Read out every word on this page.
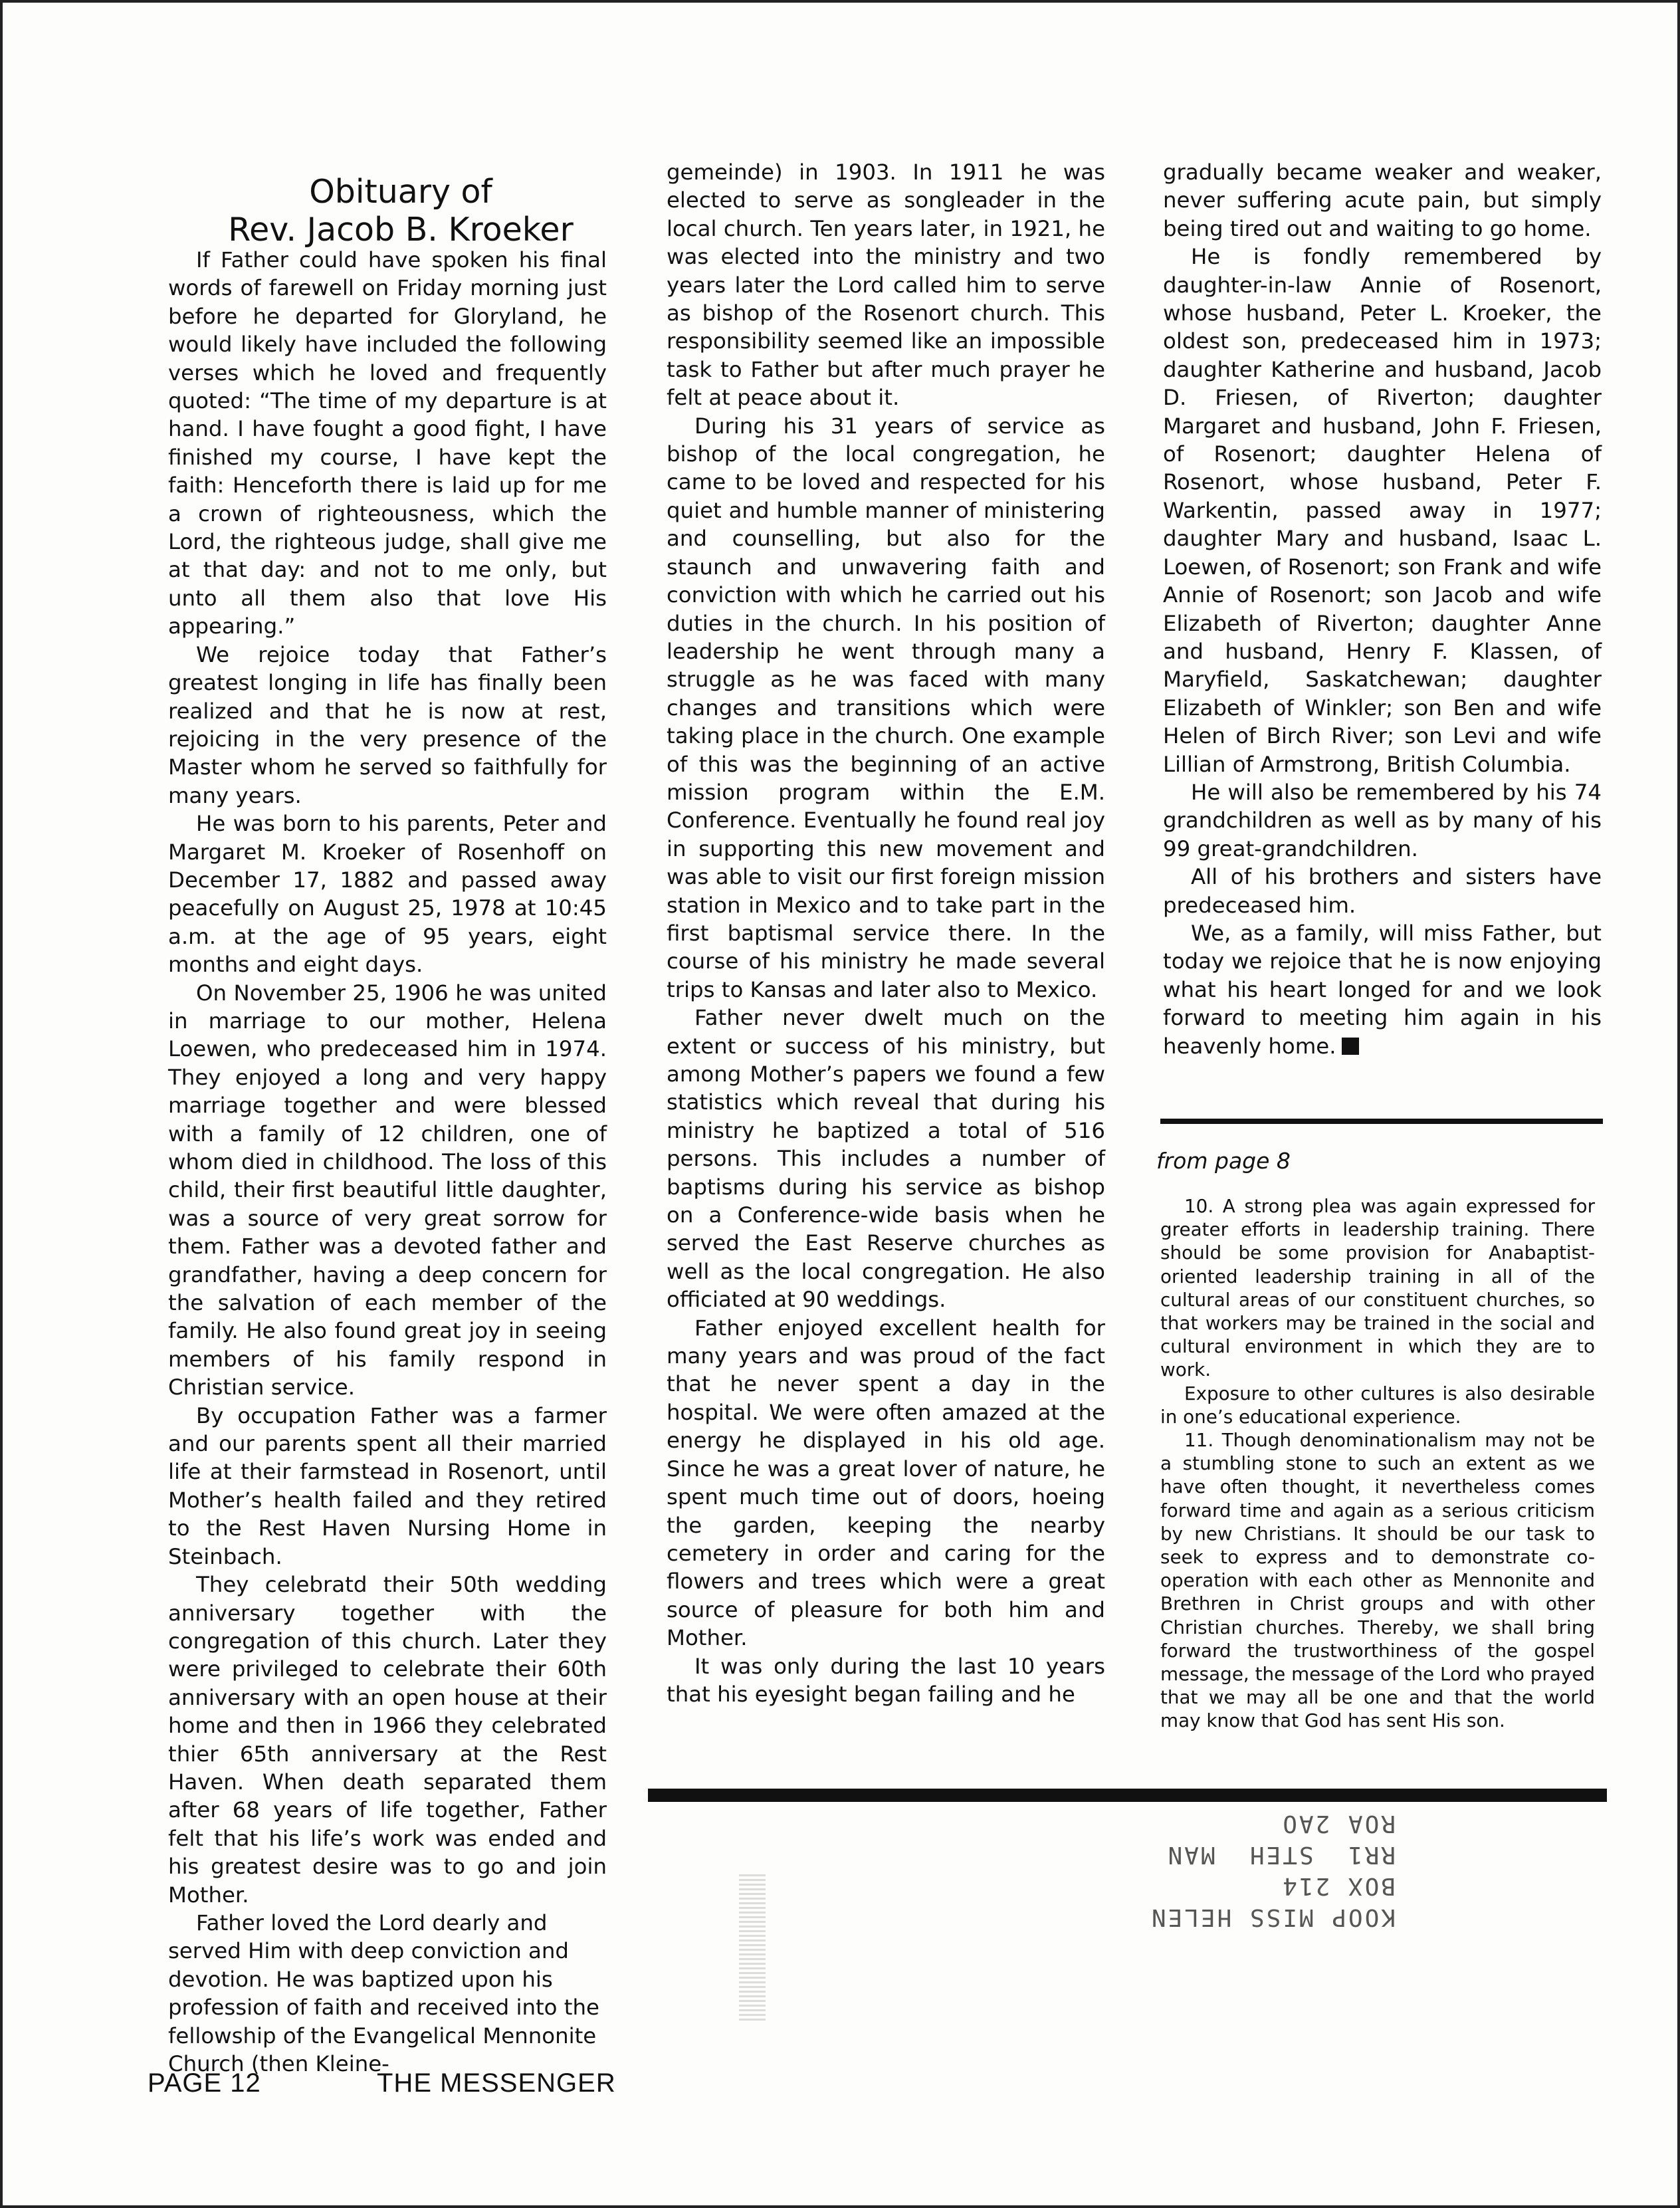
Obituary of
Rev. Jacob B. Kroeker

If Father could have spoken his final words of farewell on Friday morning just before he departed for Gloryland, he would likely have included the following verses which he loved and frequently quoted: “The time of my departure is at hand. I have fought a good fight, I have finished my course, I have kept the faith: Henceforth there is laid up for me a crown of righteousness, which the Lord, the righteous judge, shall give me at that day: and not to me only, but unto all them also that love His appearing.”

We rejoice today that Father’s greatest longing in life has finally been realized and that he is now at rest, rejoicing in the very presence of the Master whom he served so faithfully for many years.

He was born to his parents, Peter and Margaret M. Kroeker of Rosenhoff on December 17, 1882 and passed away peacefully on August 25, 1978 at 10:45 a.m. at the age of 95 years, eight months and eight days.

On November 25, 1906 he was united in marriage to our mother, Helena Loewen, who predeceased him in 1974. They enjoyed a long and very happy marriage together and were blessed with a family of 12 children, one of whom died in childhood. The loss of this child, their first beautiful little daughter, was a source of very great sorrow for them. Father was a devoted father and grandfather, having a deep concern for the salvation of each member of the family. He also found great joy in seeing members of his family respond in Christian service.

By occupation Father was a farmer and our parents spent all their married life at their farmstead in Rosenort, until Mother’s health failed and they retired to the Rest Haven Nursing Home in Steinbach.

They celebratd their 50th wedding anniversary together with the congregation of this church. Later they were privileged to celebrate their 60th anniversary with an open house at their home and then in 1966 they celebrated thier 65th anniversary at the Rest Haven. When death separated them after 68 years of life together, Father felt that his life’s work was ended and his greatest desire was to go and join Mother.

Father loved the Lord dearly and served Him with deep conviction and devotion. He was baptized upon his profession of faith and received into the fellowship of the Evangelical Mennonite Church (then Kleine-

gemeinde) in 1903. In 1911 he was elected to serve as songleader in the local church. Ten years later, in 1921, he was elected into the ministry and two years later the Lord called him to serve as bishop of the Rosenort church. This responsibility seemed like an impossible task to Father but after much prayer he felt at peace about it.

During his 31 years of service as bishop of the local congregation, he came to be loved and respected for his quiet and humble manner of ministering and counselling, but also for the staunch and unwavering faith and conviction with which he carried out his duties in the church. In his position of leadership he went through many a struggle as he was faced with many changes and transitions which were taking place in the church. One example of this was the beginning of an active mission program within the E.M. Conference. Eventually he found real joy in supporting this new movement and was able to visit our first foreign mission station in Mexico and to take part in the first baptismal service there. In the course of his ministry he made several trips to Kansas and later also to Mexico.

Father never dwelt much on the extent or success of his ministry, but among Mother’s papers we found a few statistics which reveal that during his ministry he baptized a total of 516 persons. This includes a number of baptisms during his service as bishop on a Conference-wide basis when he served the East Reserve churches as well as the local congregation. He also officiated at 90 weddings.

Father enjoyed excellent health for many years and was proud of the fact that he never spent a day in the hospital. We were often amazed at the energy he displayed in his old age. Since he was a great lover of nature, he spent much time out of doors, hoeing the garden, keeping the nearby cemetery in order and caring for the flowers and trees which were a great source of pleasure for both him and Mother.

It was only during the last 10 years that his eyesight began failing and he

gradually became weaker and weaker, never suffering acute pain, but simply being tired out and waiting to go home.

He is fondly remembered by daughter-in-law Annie of Rosenort, whose husband, Peter L. Kroeker, the oldest son, predeceased him in 1973; daughter Katherine and husband, Jacob D. Friesen, of Riverton; daughter Margaret and husband, John F. Friesen, of Rosenort; daughter Helena of Rosenort, whose husband, Peter F. Warkentin, passed away in 1977; daughter Mary and husband, Isaac L. Loewen, of Rosenort; son Frank and wife Annie of Rosenort; son Jacob and wife Elizabeth of Riverton; daughter Anne and husband, Henry F. Klassen, of Maryfield, Saskatchewan; daughter Elizabeth of Winkler; son Ben and wife Helen of Birch River; son Levi and wife Lillian of Armstrong, British Columbia.

He will also be remembered by his 74 grandchildren as well as by many of his 99 great-grandchildren.

All of his brothers and sisters have predeceased him.

We, as a family, will miss Father, but today we rejoice that he is now enjoying what his heart longed for and we look forward to meeting him again in his heavenly home.

from page 8

10. A strong plea was again expressed for greater efforts in leadership training. There should be some provision for Anabaptist-oriented leadership training in all of the cultural areas of our constituent churches, so that workers may be trained in the social and cultural environment in which they are to work.

Exposure to other cultures is also desirable in one’s educational experience.

11. Though denominationalism may not be a stumbling stone to such an extent as we have often thought, it nevertheless comes forward time and again as a serious criticism by new Christians. It should be our task to seek to express and to demonstrate co-operation with each other as Mennonite and Brethren in Christ groups and with other Christian churches. Thereby, we shall bring forward the trustworthiness of the gospel message, the message of the Lord who prayed that we may all be one and that the world may know that God has sent His son.

KOOP MISS HELEN
BOX 214
RR1  STEH  MAN
ROA 2AO
PAGE 12	THE MESSENGER
